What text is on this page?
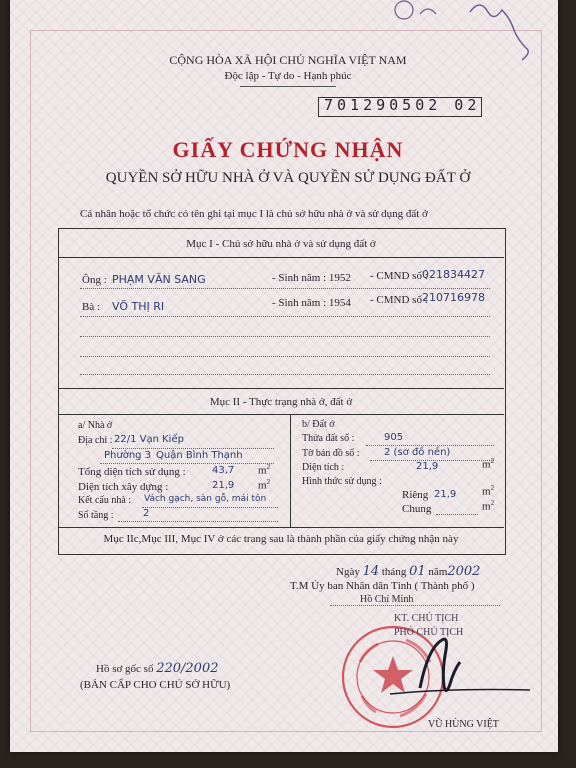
CỘNG HÒA XÃ HỘI CHỦ NGHĨA VIỆT NAM
Độc lập - Tự do - Hạnh phúc
701290502 02
GIẤY CHỨNG NHẬN
QUYỀN SỞ HỮU NHÀ Ở VÀ QUYỀN SỬ DỤNG ĐẤT Ở
Cá nhân hoặc tổ chức có tên ghi tại mục I là chủ sở hữu nhà ở và sử dụng đất ở
Mục I - Chủ sở hữu nhà ở và sử dụng đất ở
Ông : PHẠM VĂN SANG	- Sinh năm : 1952 - CMND số :
021834427
Bà : VÕ THỊ RI	- Sinh năm : 1954 - CMND số :
210716978
Mục II - Thực trạng nhà ở, đất ở
a/ Nhà ở
Địa chỉ : 22/1 Vạn Kiếp
Phường 3 Quận Bình Thạnh
Tổng diện tích sử dụng :	43,7 $m^2$
Diện tích xây dựng :	21,9 $m^2$
Kết cấu nhà : Vách gạch, sàn gỗ, mái tôn
Số tầng :	2
b/ Đất ở
Thửa đất số :	905
Tờ bản đồ số : 2 (sơ đồ nền)
Diện tích :	21,9	$m^2$
Hình thức sử dụng :
Riêng 21,9 $m^2$
Chung	$m^2$
Mục IIc,Mục III, Mục IV ở các trang sau là thành phần của giấy chứng nhận này
Ngày 14 tháng 01 năm2002
T.M Ủy ban Nhân dân Tỉnh ( Thành phố )
Hồ Chí Minh
KT. CHỦ TỊCH
PHÓ CHỦ TỊCH
VŨ HÙNG VIỆT
Hồ sơ gốc số 220/2002
(BẢN CẤP CHO CHỦ SỞ HỮU)
